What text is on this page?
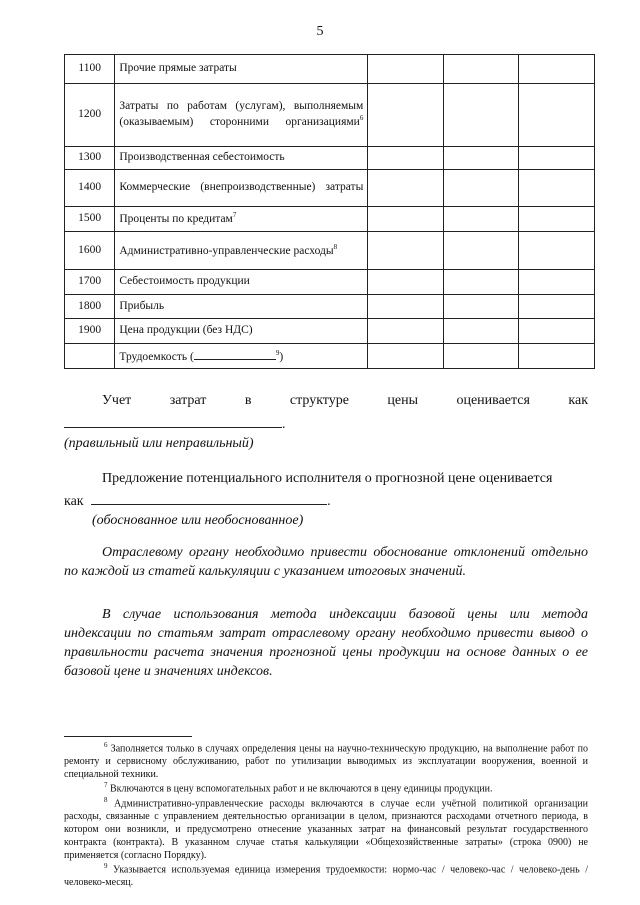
5
1100	Прочие прямые затраты			
1200	Затраты по работам (услугам), выполняемым (оказываемым) сторонними организациями$^6$			
1300	Производственная себестоимость			
1400	Коммерческие (внепроизводственные) затраты			
1500	Проценты по кредитам$^7$			
1600	Административно-управленческие расходы$^8$			
1700	Себестоимость продукции			
1800	Прибыль			
1900	Цена продукции (без НДС)			
	Трудоемкость ( $^9$)			
Учет	затрат	в	структуре	цены	оценивается	как
.
(правильный или неправильный)
Предложение потенциального исполнителя о прогнозной цене оценивается
как	.
(обоснованное или необоснованное)
Отраслевому органу необходимо привести обоснование отклонений отдельно по каждой из статей калькуляции с указанием итоговых значений.
В случае использования метода индексации базовой цены или метода индексации по статьям затрат отраслевому органу необходимо привести вывод о правильности расчета значения прогнозной цены продукции на основе данных о ее базовой цене и значениях индексов.

$^6$ Заполняется только в случаях определения цены на научно-техническую продукцию, на выполнение работ по ремонту и сервисному обслуживанию, работ по утилизации выводимых из эксплуатации вооружения, военной и специальной техники.

$^7$ Включаются в цену вспомогательных работ и не включаются в цену единицы продукции.

$^8$ Административно-управленческие расходы включаются в случае если учётной политикой организации расходы, связанные с управлением деятельностью организации в целом, признаются расходами отчетного периода, в котором они возникли, и предусмотрено отнесение указанных затрат на финансовый результат государственного контракта (контракта). В указанном случае статья калькуляции «Общехозяйственные затраты» (строка 0900) не применяется (согласно Порядку).

$^9$ Указывается используемая единица измерения трудоемкости: нормо-час / человеко-час / человеко-день / человеко-месяц.
